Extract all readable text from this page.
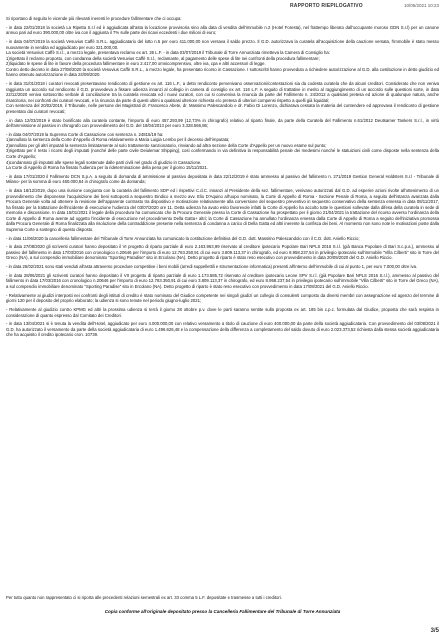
RAPPORTO RIEPILOGATIVO	10/05/2021 10:23

Si riportano di seguito le vicende più rilevanti inerenti le procedure fallimentare che ci occupa:

- in data 22/01/2018 la società La Ripetta S.r.l ed è aggiudicata all'asta la locazione provvisoria sino alla data di vendita dell'immobile n.2 (Hotel Foresta), nel frattempo liberato dall'occupante moroso GDN S.r.l) per un canone annuo pari ad euro 390.000,00 oltre iva con il aggiunta il 7% sulle parte dei ricavi eccedenti i due milioni di euro;

- in data 04/07/2019 la società Vesuvius Caffè S.R.L. aggiudicatario del lotto n.5 per euro 411.000,00 non versava il saldo prezzo. Il G.D. autorizzava la curatela all'acquisizione della cauzione versata, l'immobile è stato messo nuovamente in vendita ed aggiudicato per euro 321.000,00.
La società Vesuvius Caffè S.r.l., a mezzo legale, presentava reclamo ex art. 26 L.F. - in data 03/07/2019 il Tribunale di Torre Annunziata rimetteva la Camera di Consiglio ha:
1)rigettato il reclamo proposto, con condanna della società Vesuvius Caffè S.r.l., reclamante, al pagamento delle spese di lite nei confronti della procedura fallimentare;
2)liquidato le spese di lite in favore della procedura fallimentare in euro 2.417,00 omnicomprensivo, oltre iva, cpa e altri accessori di legge.
Contro detto decreto in data 27/08/2020 la società Vesuvius Caffè S.R.L., a mezzo legale, ha presentato ricorso in Cassazione. I sottoscritti hanno provveduto a richiedere autorizzazione al G.D. alla costituzione in detto giudizio ed hanno ottenuto autorizzazione in data 24/09/2020.

- in data 31/01/2018 i curatori revocati presentavano rendiconto di gestione ex art. 116 L.F., a detto rendiconto pervenivano osservazioni/contestazioni sia da codesta curatela che da alcuni creditori. Considerato che non veniva raggiunta un accordo sul rendiconto il G.D. provvedeva a fissare udienza innanzi al collegio in camera di consiglio ex art. 116 L.F. A seguito di trattative in merito al raggiungimento di un accordo sulle questioni sorte, in data 22/12/2020 veniva sottoscritto verbale di conciliazione tra la curatela revocata ed i nuovi curatori, con cui si conveniva la rinuncia da parte del Fallimento n. 24/2012 a qualsiasi pretesa ed azione di qualunque natura, anche risarcitoria, nei confronti dei curatori revocati, e la rinuncia da parte di questi ultimi a qualsiasi ulteriore richiesta e/o pretesa di ulteriori compensi rispetto a quelli già liquidati;
Con sentenza del 20/02/2019, il Tribunale, nelle persone dei Magistrati dr. Francesco Abete, dr. Massimo Palescandolo e dr. Fabio Di Lorenzo, dichiarava cessata la materia del contendere ed approvava il rendiconto di gestione presentato dai curatori revocati;

- in data 12/03/2019 è stato bonificato alla curatela contante, l'importo di euro 457.293,99 (12,73% in chirografo) relativo al riparto finale, da parte della Curatela del Fallimento n.61/2012 Deutsamer Tankers S.r.l., in virtù dell'ammissione al passivo in chirografo con provvedimento del G.D. del 18/04/2013 per euro 3.328.566,86;

- in data 04/07/2019 la Suprema Corte di Cassazione con sentenza n. 24815/19 ha:
1)annullato la sentenza della Corte d'Appello di Roma relativamente a Maria Luigia Lembo per il decesso dell'imputata;
2)annullato per gli altri imputati la sentenza limitatamente al solo trattamento sanzionatorio, rinviando ad altra sezione della Corte d'Appello per un nuovo esame sul punto;
3)rigettato per il resto i ricorsi degli imputati (nonché delle parte civile Deiulemar Shipping), così confermando in via definitiva la responsabilità penale dei medesimi nonché le statuizioni civili come disposte nella sentenza della Corte d'Appello;
4)condannato gli imputati alle spese legali sostenute dalle parti civili nel grado di giudizio in Cassazione.
La Corte di Appello di Roma ha fissato l'udienza per la rideterminazione della pena per il giorno 15/11/2021.

- in data 17/01/2020 il Fallimento DCN S.p.A. a seguito di domanda di ammissione al passivo depositata in data 22/12/2019 è stato ammesso al passivo del fallimento n. 271/2019 Gestion General Holdsters S.r.l - Tribunale di Milano- per la somma di euro 460.000,64 in chirografo come da domanda;

- in data 18/12/2019, dopo una riunione congiunta con la curatela del fallimento SDP ed i rispettivi C.d.C. innanzi al Presidente della sez. fallimentare, venivano autorizzati dal G.D. ad esperire azioni rivolte all'ottenimento di un provvedimento che disponesse l'acquisizione dei beni sottoposti a sequestro Eindico a mezzo avv. Elio D'Aquino all'uopo nominato, la Corte di Appello di Roma - Sezione Penale di Roma, a seguito dell'istanza avanzata dalla Procura Generale volta ad ottenere la revisione dell'apparente contrasto tra dispositivo e motivazione relativamente alla conversione del sequestro preventivo in sequestro conservativo della sentenza emessa in data 08/11/2017, ha fissato per la trattazione dell'incidente di esecuzione l'udienza del 03/07/2020 ore 11. Detta udienza ha avuto esito favorevole infatti la Corte di Appello ha accolto tutte le questioni sollevate dalla difesa della curatela in sede di memoria e discussione. In data 15/01/2021 il legale della procedura ha comunicato che la Procura Generale presso la Corte di Cassazione ha prospettato per il giorno 21/04/2021 la trattazione del ricorso avverso l'ordinanza della Corte di Appello di Roma avente ad oggetto l'incidente di esecuzione nel procedimento Della Gatta+ altri; la Corte di Cassazione ha annullato l'ordinanza emessa dalla Corte di Appello di Roma a seguito dell'iniziativa promossa dalla Procura Generale di Roma finalizzata alla risoluzione della contraddizione presente nella sentenza di condanna a carico di Della Gatta ed altri inerente la confisca dei beni. Al momento non sono note le motivazioni poste dalla Suprema Corte a sostegno di questo disposto.

- in data 11/06/2020 la cancelleria fallimentare del Tribunale di Torre Annunziata ha comunicato la costituzione definitiva del G.D. dott. Massimo Palescandolo con il C.D. dott. Aniello Riccio;

- in data 27/08/2020 gli scriventi curatori hanno depositato il VI progetto di riparto parziale di euro 2.163.963,99 riservato al creditore ipotecario Popolare Bari NPLS 2016 S.r.l. (già Banca Popolare di Bari S.c.p.a.), ammesso al passivo del fallimento in data 17/03/2016 con cronologico n.20646 per l'importo di euro 12.763.250,91 di cui euro 3.809.113,37 in chirografo, ed euro 8.958.237,54 in privilegio ipotecario sull'immobile "Villa Cilberti" sito in Torre del Greco (NA), a sul compendio immobiliare denominato "Sporting Paradise" sito in Ercolano (NA). Detto progetto di riparto è stato reso esecutivo con provvedimento in data 20/09/2020 del G.D. Aniello Riccio.

- in data 25/02/2021 sono stati venduti all'asta attraverso procedure competitive i beni mobili (arredi suppellettili e strumentazione informatica) presenti all'interno dell'immobile di cui al punto 1, per euro 7.000,00 oltre iva.

- in data 28/06/2021 gli scriventi curatori hanno depositato il VII progetto di riparto parziale di euro 1.173.585,72 riservato al creditore ipotecario Leone SPV S.r.l. (già Popolare Bari NPLS 2016 S.r.l.), ammesso al passivo del fallimento in data 17/03/2016 con cronologico n.20646 per l'importo di euro 12.763.350,91 di cui euro 3.809.113,37 in chirografo, ed euro 8.958.237,54 in privilegio ipotecario sull'immobile "Villa Cilberti" sito in Torre del Greco (NA), a sul compendio immobiliare denominato "Sporting Paradise" sito in Ercolano (NA). Detto progetto di riparto è stato reso esecutivo con provvedimento in data 17/08/2021 del G.D. Aniello Riccio.

- Relativamente ai giudizi interposti nei confronti degli istituti di credito è stato nominato del Giudice competente nei singoli giudizi un collegio di consulenti composto da diversi membri con assegnazione ed agenzo del termine di giorni 120 per il deposito del proprio elaborato; la udienza si sono tenute nel periodo giugno-luglio 2021;

- Relativamente al giudizio contro KPMG ed altri la prossima udienza si terrà il giorno 28 ottobre p.v. dove le parti saranno sentite sulla proposta ex art. 185 bis c.p.c. formulata dal Giudice, proposta che sarà respinta in considerazione di quanto espresso dal Comitato dei Creditori.

- in data 13/04/2021 si è tenuta la vendita dell'Hotel, aggiudicato per euro 4.000.000,00 con relativo versamento a titolo di cauzione di euro 400.000,00 da parte della società aggiudicataria. Con provvedimento del 03/08/2021 il G.D. ha autorizzato il versamento da parte della società aggiudicataria di euro 1.496.626,48 e la compensazione della differenza a completamento del saldo dovuto di euro 2.023.373,52 richiesta dalla stessa società aggiudicataria che ha acquisito il credito ipotecario cron. 10739.

Per tutto quanto non rappresentato ci si riporta alle precedenti relazioni semestrali ex art. 33 comma 5 L.F. depositate e trasmesse a tutti i creditori.
Copia conforme all'originale depositato presso la Cancelleria Fallimentare del Tribunale di Torre Annunziata
3/5
